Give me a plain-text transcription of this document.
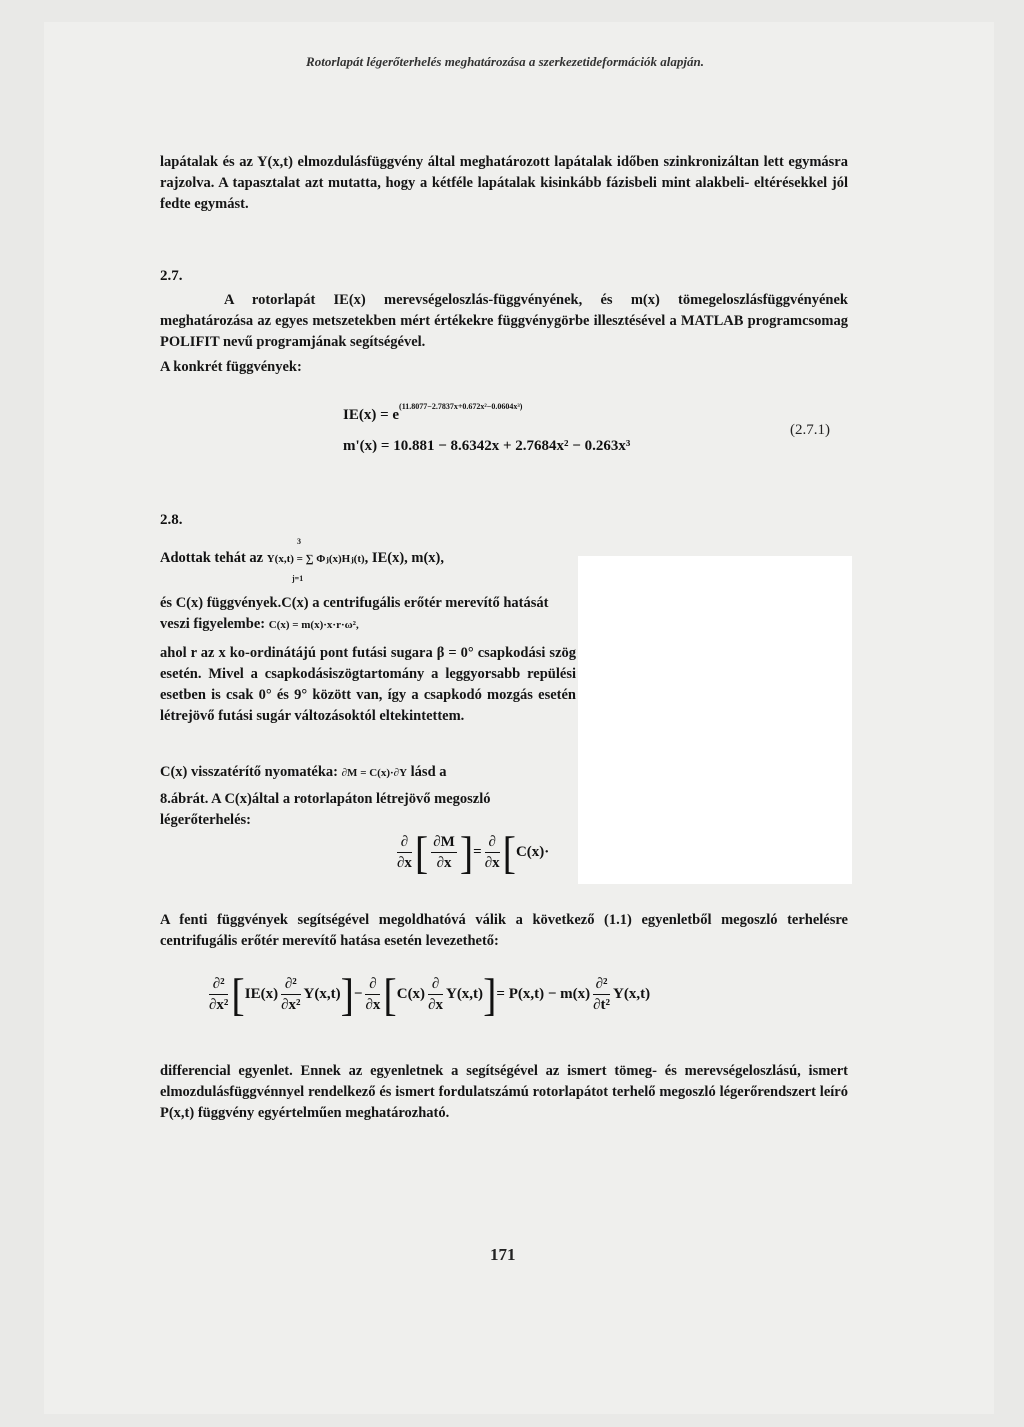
Rotorlapát légerőterhelés meghatározása a szerkezetideformációk alapján.
lapátalak és az Y(x,t) elmozdulásfüggvény által meghatározott lapátalak időben szinkronizáltan lett egymásra rajzolva. A tapasztalat azt mutatta, hogy a kétféle lapátalak kisinkább fázisbeli mint alakbeli- eltérésekkel jól fedte egymást.
2.7.
A rotorlapát IE(x) merevségeloszlás-függvényének, és m(x) tömegeloszlásfüggvényének meghatározása az egyes metszetekben mért értékekre függvénygörbe illesztésével a MATLAB programcsomag POLIFIT nevű programjának segítségével.
A konkrét függvények:
$IE(x) = e^{(11.8077-2.7837x+0.672x^2-0.0604x^3)}$
m'(x) = 10.881 − 8.6342x + 2.7684x² − 0.263x³
(2.7.1)
2.8.
Adottak tehát az Y(x,t) = ∑ Φⱼ(x)Hⱼ(t), IE(x), m(x),
3
j=1
és C(x) függvények.C(x) a centrifugális erőtér merevítő hatását veszi figyelembe: C(x) = m(x)·x·r·ω²,
ahol r az x ko-ordinátájú pont futási sugara β = 0° csapkodási szög esetén. Mivel a csapkodásiszögtartomány a leggyorsabb repülési esetben is csak 0° és 9° között van, így a csapkodó mozgás esetén létrejövő futási sugár változásoktól eltekintettem.
C(x) visszatérítő nyomatéka: ∂M = C(x)·∂Y lásd a
8.ábrát. A C(x)által a rotorlapáton létrejövő megoszló légerőterhelés:
$\frac{\partial}{\partial x}$ [ $\frac{\partial M}{\partial x}$ ]= $\frac{\partial}{\partial x} [C(x)\cdot$
A fenti függvények segítségével megoldhatóvá válik a következő (1.1) egyenletből megoszló terhelésre centrifugális erőtér merevítő hatása esetén levezethető:
$\frac{\text{∂²}}{\text{∂x²}} [IE(x) \frac{\text{∂²}}{\text{∂x²}} Y(x,t)]- \frac{\partial}{\partial x} [C(x) \frac{\partial}{\partial x} Y(x,t)]= P(x,t) - m(x) \frac{\text{∂²}}{\text{∂t²}} Y(x,t)$
differencial egyenlet. Ennek az egyenletnek a segítségével az ismert tömeg- és merevségeloszlású, ismert elmozdulásfüggvénnyel rendelkező és ismert fordulatszámú rotorlapátot terhelő megoszló légerőrendszert leíró P(x,t) függvény egyértelműen meghatározható.
171
